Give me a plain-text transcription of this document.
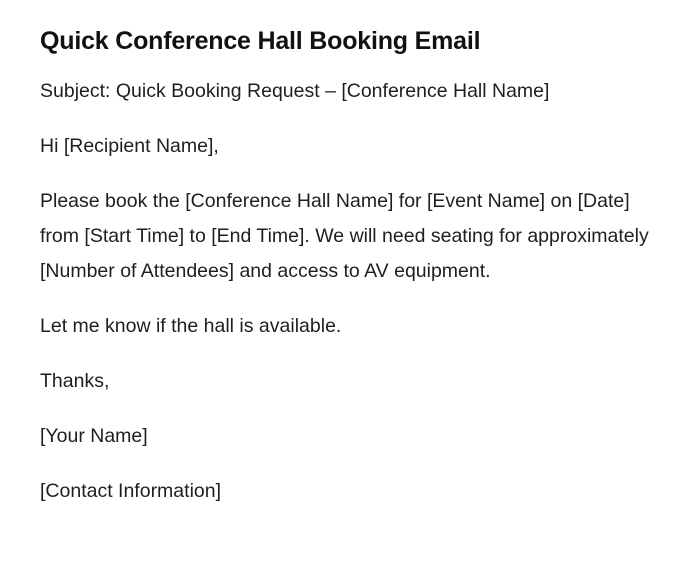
Quick Conference Hall Booking Email

Subject: Quick Booking Request – [Conference Hall Name]

Hi [Recipient Name],

Please book the [Conference Hall Name] for [Event Name] on [Date] from [Start Time] to [End Time]. We will need seating for approximately [Number of Attendees] and access to AV equipment.

Let me know if the hall is available.

Thanks,

[Your Name]

[Contact Information]
